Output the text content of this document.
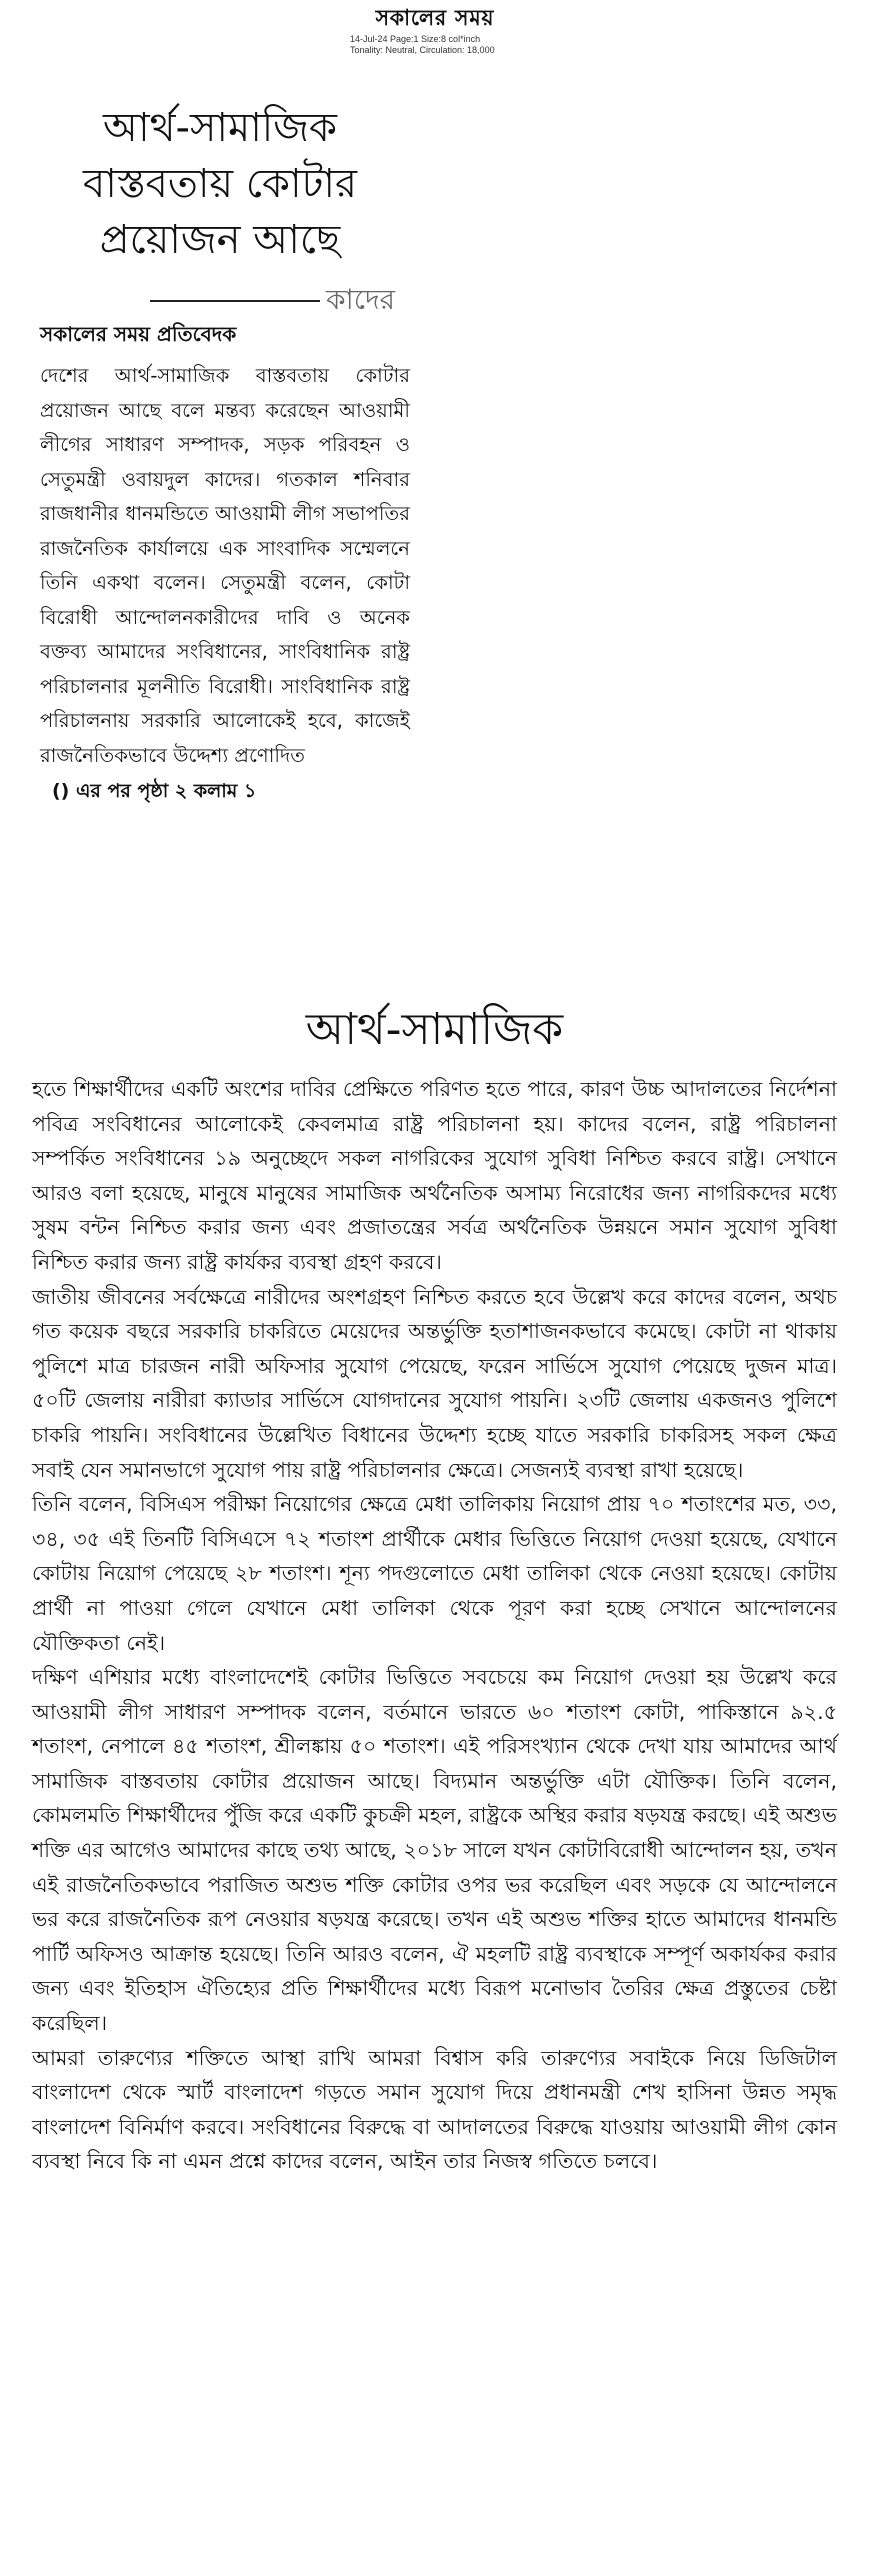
সকালের সময়
14-Jul-24 Page:1 Size:8 col*inch
Tonality: Neutral, Circulation: 18,000
আর্থ-সামাজিক বাস্তবতায় কোটার প্রয়োজন আছে
কাদের
সকালের সময় প্রতিবেদক
দেশের আর্থ-সামাজিক বাস্তবতায় কোটার প্রয়োজন আছে বলে মন্তব্য করেছেন আওয়ামী লীগের সাধারণ সম্পাদক, সড়ক পরিবহন ও সেতুমন্ত্রী ওবায়দুল কাদের। গতকাল শনিবার রাজধানীর ধানমন্ডিতে আওয়ামী লীগ সভাপতির রাজনৈতিক কার্যালয়ে এক সাংবাদিক সম্মেলনে তিনি একথা বলেন। সেতুমন্ত্রী বলেন, কোটা বিরোধী আন্দোলনকারীদের দাবি ও অনেক বক্তব্য আমাদের সংবিধানের, সাংবিধানিক রাষ্ট্র পরিচালনার মূলনীতি বিরোধী। সাংবিধানিক রাষ্ট্র পরিচালনায় সরকারি আলোকেই হবে, কাজেই রাজনৈতিকভাবে উদ্দেশ্য প্রণোদিত
() এর পর পৃষ্ঠা ২ কলাম ১
আর্থ-সামাজিক

হতে শিক্ষার্থীদের একটি অংশের দাবির প্রেক্ষিতে পরিণত হতে পারে, কারণ উচ্চ আদালতের নির্দেশনা পবিত্র সংবিধানের আলোকেই কেবলমাত্র রাষ্ট্র পরিচালনা হয়। কাদের বলেন, রাষ্ট্র পরিচালনা সম্পর্কিত সংবিধানের ১৯ অনুচ্ছেদে সকল নাগরিকের সুযোগ সুবিধা নিশ্চিত করবে রাষ্ট্র। সেখানে আরও বলা হয়েছে, মানুষে মানুষের সামাজিক অর্থনৈতিক অসাম্য নিরোধের জন্য নাগরিকদের মধ্যে সুষম বন্টন নিশ্চিত করার জন্য এবং প্রজাতন্ত্রের সর্বত্র অর্থনৈতিক উন্নয়নে সমান সুযোগ সুবিধা নিশ্চিত করার জন্য রাষ্ট্র কার্যকর ব্যবস্থা গ্রহণ করবে।

জাতীয় জীবনের সর্বক্ষেত্রে নারীদের অংশগ্রহণ নিশ্চিত করতে হবে উল্লেখ করে কাদের বলেন, অথচ গত কয়েক বছরে সরকারি চাকরিতে মেয়েদের অন্তর্ভুক্তি হতাশাজনকভাবে কমেছে। কোটা না থাকায় পুলিশে মাত্র চারজন নারী অফিসার সুযোগ পেয়েছে, ফরেন সার্ভিসে সুযোগ পেয়েছে দুজন মাত্র। ৫০টি জেলায় নারীরা ক্যাডার সার্ভিসে যোগদানের সুযোগ পায়নি। ২৩টি জেলায় একজনও পুলিশে চাকরি পায়নি। সংবিধানের উল্লেখিত বিধানের উদ্দেশ্য হচ্ছে যাতে সরকারি চাকরিসহ সকল ক্ষেত্র সবাই যেন সমানভাগে সুযোগ পায় রাষ্ট্র পরিচালনার ক্ষেত্রে। সেজন্যই ব্যবস্থা রাখা হয়েছে।

তিনি বলেন, বিসিএস পরীক্ষা নিয়োগের ক্ষেত্রে মেধা তালিকায় নিয়োগ প্রায় ৭০ শতাংশের মত, ৩৩, ৩৪, ৩৫ এই তিনটি বিসিএসে ৭২ শতাংশ প্রার্থীকে মেধার ভিত্তিতে নিয়োগ দেওয়া হয়েছে, যেখানে কোটায় নিয়োগ পেয়েছে ২৮ শতাংশ। শূন্য পদগুলোতে মেধা তালিকা থেকে নেওয়া হয়েছে। কোটায় প্রার্থী না পাওয়া গেলে যেখানে মেধা তালিকা থেকে পূরণ করা হচ্ছে সেখানে আন্দোলনের যৌক্তিকতা নেই।

দক্ষিণ এশিয়ার মধ্যে বাংলাদেশেই কোটার ভিত্তিতে সবচেয়ে কম নিয়োগ দেওয়া হয় উল্লেখ করে আওয়ামী লীগ সাধারণ সম্পাদক বলেন, বর্তমানে ভারতে ৬০ শতাংশ কোটা, পাকিস্তানে ৯২.৫ শতাংশ, নেপালে ৪৫ শতাংশ, শ্রীলঙ্কায় ৫০ শতাংশ। এই পরিসংখ্যান থেকে দেখা যায় আমাদের আর্থ সামাজিক বাস্তবতায় কোটার প্রয়োজন আছে। বিদ্যমান অন্তর্ভুক্তি এটা যৌক্তিক। তিনি বলেন, কোমলমতি শিক্ষার্থীদের পুঁজি করে একটি কুচক্রী মহল, রাষ্ট্রকে অস্থির করার ষড়যন্ত্র করছে। এই অশুভ শক্তি এর আগেও আমাদের কাছে তথ্য আছে, ২০১৮ সালে যখন কোটাবিরোধী আন্দোলন হয়, তখন এই রাজনৈতিকভাবে পরাজিত অশুভ শক্তি কোটার ওপর ভর করেছিল এবং সড়কে যে আন্দোলনে ভর করে রাজনৈতিক রূপ নেওয়ার ষড়যন্ত্র করেছে। তখন এই অশুভ শক্তির হাতে আমাদের ধানমন্ডি পার্টি অফিসও আক্রান্ত হয়েছে। তিনি আরও বলেন, ঐ মহলটি রাষ্ট্র ব্যবস্থাকে সম্পূর্ণ অকার্যকর করার জন্য এবং ইতিহাস ঐতিহ্যের প্রতি শিক্ষার্থীদের মধ্যে বিরূপ মনোভাব তৈরির ক্ষেত্র প্রস্তুতের চেষ্টা করেছিল।

আমরা তারুণ্যের শক্তিতে আস্থা রাখি আমরা বিশ্বাস করি তারুণ্যের সবাইকে নিয়ে ডিজিটাল বাংলাদেশ থেকে স্মার্ট বাংলাদেশ গড়তে সমান সুযোগ দিয়ে প্রধানমন্ত্রী শেখ হাসিনা উন্নত সমৃদ্ধ বাংলাদেশ বিনির্মাণ করবে। সংবিধানের বিরুদ্ধে বা আদালতের বিরুদ্ধে যাওয়ায় আওয়ামী লীগ কোন ব্যবস্থা নিবে কি না এমন প্রশ্নে কাদের বলেন, আইন তার নিজস্ব গতিতে চলবে।
